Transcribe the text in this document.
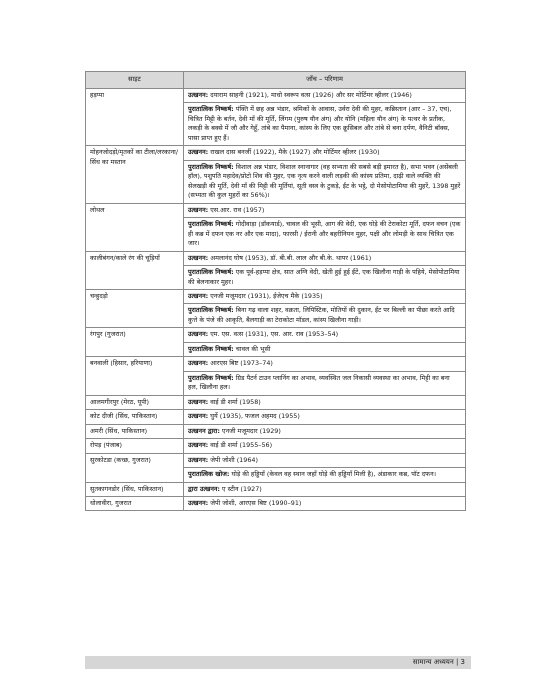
साइट	जाँच – परिणाम
हड़प्पा	उत्खनन: दयाराम साहनी (1921), माधो स्वरूप वत्स (1926) और सर मोर्टिमर व्हीलर (1946)
	पुरातात्विक निष्कर्ष: पंक्ति में छह अन्न भंडार, श्रमिकों के आवास, उर्वरा देवी की मुहर, कब्रिस्तान (आर – 37, एच), चित्रित मिट्टी के बर्तन, देवी माँ की मूर्ति, लिंगम (पुरुष यौन अंग) और योनि (महिला यौन अंग) के पत्थर के प्रतीक, लकड़ी के बक्से में जौ और गेहूँ, तांबे का पैमाना, कांस्य के लिए एक क्रूसिबल और तांबे से बना दर्पण, वैनिटी बॉक्स, पासा प्राप्त हुए हैं।
मोहनजोदड़ो/मृतकों का टीला/लरकाना/सिंध का मस्तान	उत्खनन: राखल दास बनर्जी (1922), मैके (1927) और मोर्टिमर व्हीलर (1930)
	पुरातात्विक निष्कर्ष: विशाल अन्न भंडार, विशाल स्नानागार (वह सभ्यता की सबसे बड़ी इमारत है), सभा भवन (असेंबली हॉल), पशुपति महादेव/प्रोटो शिव की मुहर, एक नृत्य करने वाली लड़की की कांस्य प्रतिमा, दाढ़ी वाले व्यक्ति की सेलखड़ी की मूर्ति, देवी माँ की मिट्टी की मूर्तियां, सूती वस्त्र के टुकड़े, ईंट के भट्ठे, दो मेसोपोटामिया की मुहरें, 1398 मुहरें (सभ्यता की कुल मुहरों का 56%)।
लोथल	उत्खनन: एस.आर. राव (1957)
	पुरातात्विक निष्कर्ष: गोदीवाड़ा (डॉकयार्ड), चावल की भूसी, आग की वेदी, एक घोड़े की टेराकोटा मूर्ति, दफन वचन (एक ही कब्र में दफन एक नर और एक मादा), फारसी / ईरानी और बहरीनियन मुहर, पक्षी और लोमड़ी के साथ चित्रित एक जार।
कालीबंगन/काले रंग की चूड़ियाँ	उत्खनन: अमलानंद घोष (1953), डॉ. बी.बी. लाल और बी.के. थापर (1961)
	पुरातात्विक निष्कर्ष: एक पूर्व-हड़प्पा क्षेत्र, सात अग्नि वेदी, खेती हुई हुई ईंटें, एक खिलौना गाड़ी के पहिये, मेसोपोटामिया की बेलनाकार मुहर।
चन्हुदड़ो	उत्खनन: एनजी मजूमदार (1931), ईजेएच मैके (1935)
	पुरातात्विक निष्कर्ष: बिना गढ़ वाला शहर, वक्रता, लिपिस्टिक, मोतियों की दुकान, ईंट पर बिल्ली का पीछा करते आदि कुत्ते के पंजे की आकृति, बैलगाड़ी का टेराकोटा मॉडल, कांस्य खिलौना गाड़ी।
रंगपुर (गुजरात)	उत्खनन: एम. एस. वत्स (1931), एस. आर. राव (1953–54)
	पुरातात्विक निष्कर्ष: चावल की भूसी
बनवाली (हिसार, हरियाणा)	उत्खनन: आरएस बिष्ट (1973–74)
	पुरातात्विक निष्कर्ष: ग्रिड पैटर्न टाउन प्लानिंग का अभाव, व्यवस्थित जल निकासी व्यवस्था का अभाव, मिट्टी का बना हल, खिलौना हल।
आलमगीरपुर (मेरठ, यूपी)	उत्खनन: वाई डी शर्मा (1958)
कोट दीजी (सिंध, पाकिस्तान)	उत्खनन: घुर्ये (1935), फजल अहमद (1955)
अमरी (सिंध, पाकिस्तान)	उत्खनन द्वारा: एनजी मजूमदार (1929)
रोपड़ (पंजाब)	उत्खनन: वाई डी शर्मा (1955–56)
सुरकोटडा (कच्छ, गुजरात)	उत्खनन: जेपी जोशी (1964)
	पुरातात्विक खोज: घोड़े की हड्डियाँ (केवल वह स्थान जहाँ घोड़े की हड्डियाँ मिली है), अंडाकार कब्र, पॉट दफन।
सुतकागनडोर (सिंध, पाकिस्तान)	द्वारा उत्खनन: ए स्टीन (1927)
धोलावीरा, गुजरात	उत्खनन: जेपी जोशी, आरएस बिष्ट (1990–91)
सामान्य अध्ययन | 3
